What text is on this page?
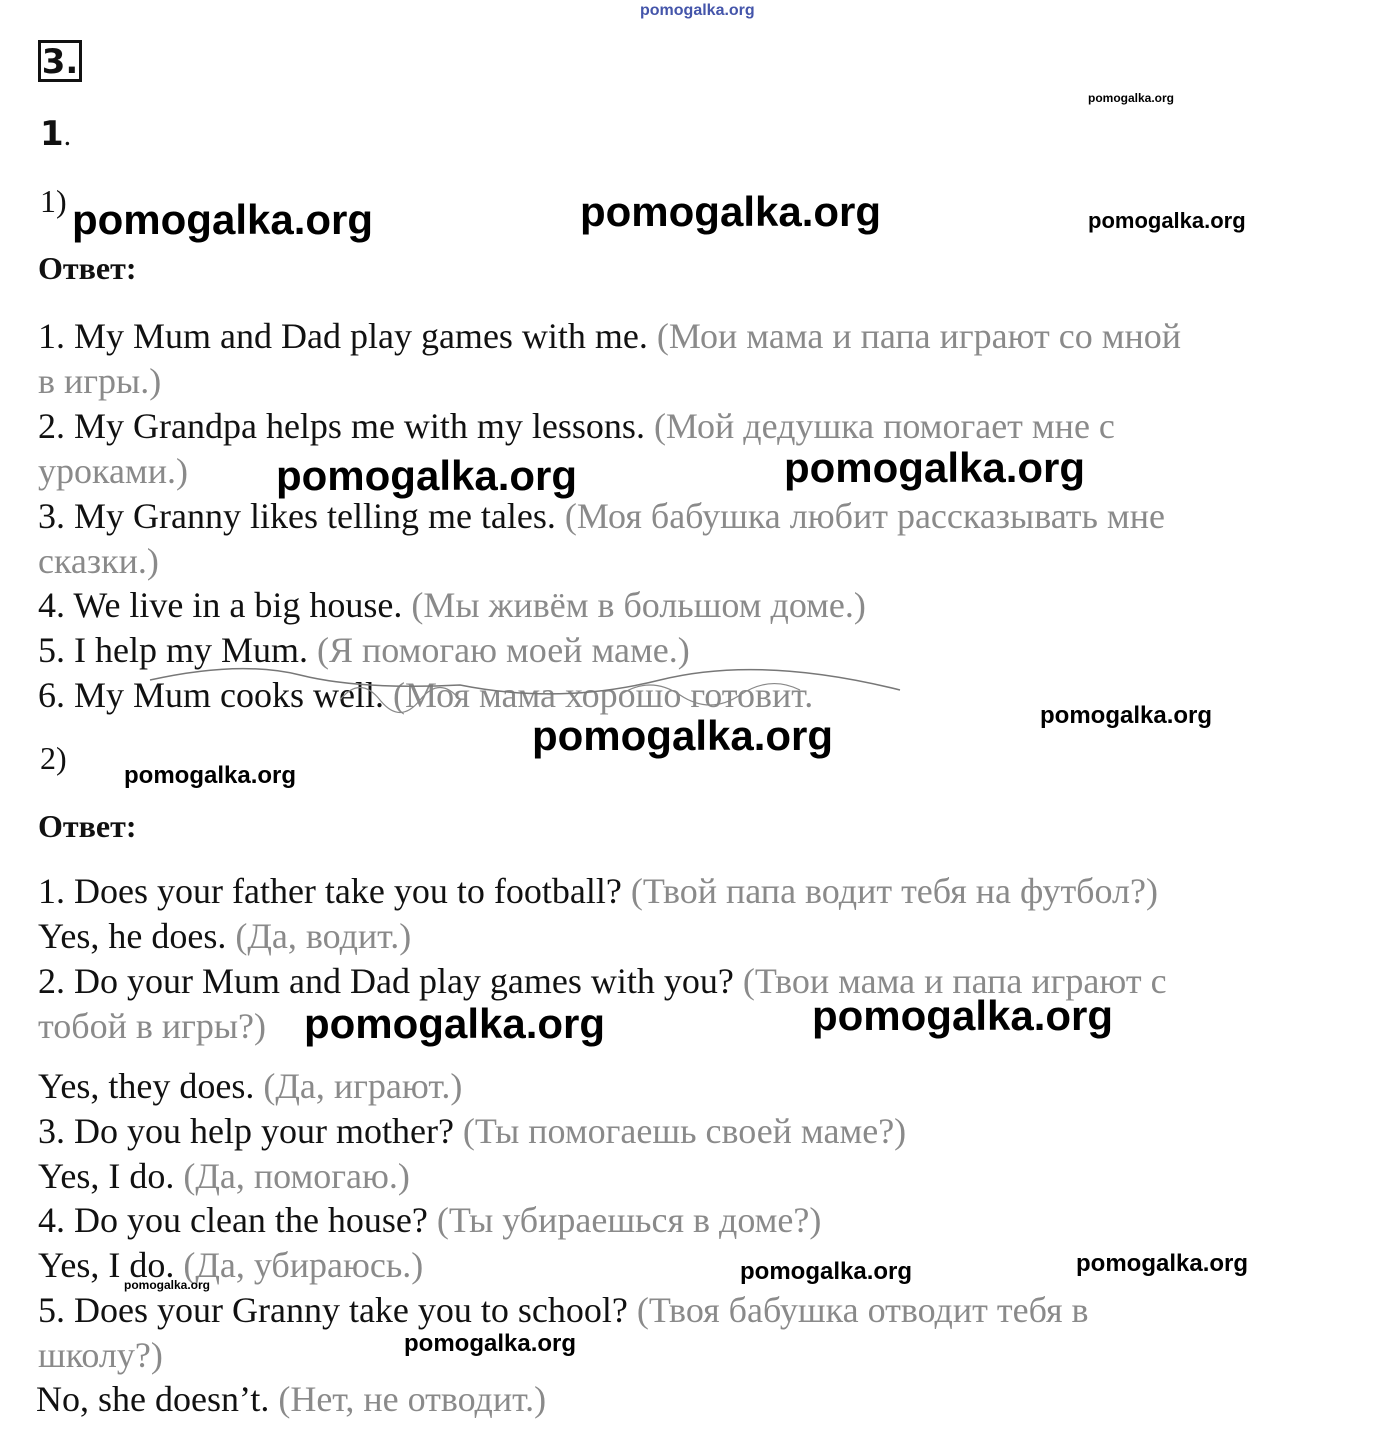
pomogalka.org
3.
1.
1)
Ответ:
1. My Mum and Dad play games with me. (Мои мама и папа играют со мной
в игры.)
2. My Grandpa helps me with my lessons. (Мой дедушка помогает мне с
уроками.)
3. My Granny likes telling me tales. (Моя бабушка любит рассказывать мне
сказки.)
4. We live in a big house. (Мы живём в большом доме.)
5. I help my Mum. (Я помогаю моей маме.)
6. My Mum cooks well. (Моя мама хорошо готовит.
2)
Ответ:
1. Does your father take you to football? (Твой папа водит тебя на футбол?)
Yes, he does. (Да, водит.)
2. Do your Mum and Dad play games with you? (Твои мама и папа играют с
тобой в игры?)
Yes, they does. (Да, играют.)
3. Do you help your mother? (Ты помогаешь своей маме?)
Yes, I do. (Да, помогаю.)
4. Do you clean the house? (Ты убираешься в доме?)
Yes, I do. (Да, убираюсь.)
5. Does your Granny take you to school? (Твоя бабушка отводит тебя в
школу?)
No, she doesn’t. (Нет, не отводит.)
pomogalka.org
pomogalka.org	pomogalka.org	pomogalka.org
pomogalka.org	pomogalka.org
pomogalka.org	pomogalka.org
pomogalka.org
pomogalka.org	pomogalka.org
pomogalka.org	pomogalka.org
pomogalka.org
pomogalka.org
